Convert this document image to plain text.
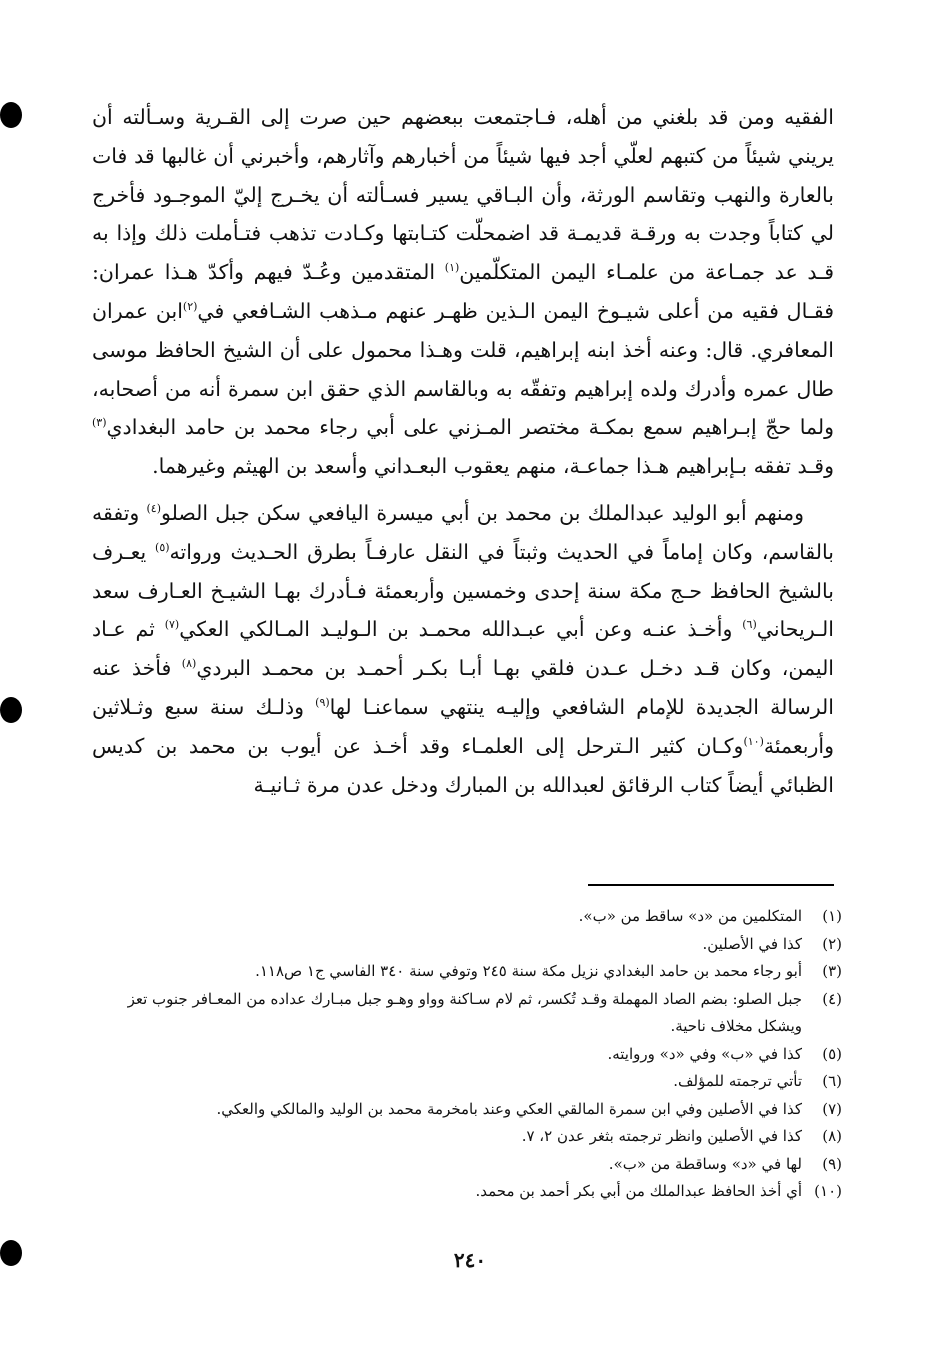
الفقيه ومن قد بلغني من أهله، فـاجتمعت ببعضهم حين صرت إلى القـرية وسـألته أن يريني شيئاً من كتبهم لعلّي أجد فيها شيئاً من أخبارهم وآثارهم، وأخبرني أن غالبها قد فات بالعارة والنهب وتقاسم الورثة، وأن البـاقي يسير فسـألته أن يخـرج إليّ الموجـود فأخرج لي كتاباً وجدت به ورقـة قديمـة قد اضمحلّت كتـابتها وكـادت تذهب فتـأملت ذلك وإذا به قـد عد جمـاعة من علمـاء اليمن المتكلّمين$^{(١)}$ المتقدمين وعُـدّ فيهم وأكدّ هـذا عمران: فقـال فقيه من أعلى شيـوخ اليمن الـذين ظهـر عنهم مـذهب الشـافعي في$^{(٢)}$ابن عمران المعافري. قال: وعنه أخذ ابنه إبراهيم، قلت وهـذا محمول على أن الشيخ الحافظ موسى طال عمره وأدرك ولده إبراهيم وتفقّه به وبالقاسم الذي حقق ابن سمرة أنه من أصحابه، ولما حجّ إبـراهيم سمع بمكـة مختصر المـزني على أبي رجاء محمد بن حامد البغدادي$^{(٣)}$ وقـد تفقه بـإبراهيم هـذا جماعـة، منهم يعقوب البعـداني وأسعد بن الهيثم وغيرهما.

ومنهم أبو الوليد عبدالملك بن محمد بن أبي ميسرة اليافعي سكن جبل الصلو$^{(٤)}$ وتفقه بالقاسم، وكان إماماً في الحديث وثبتاً في النقل عارفـاً بطرق الحـديث ورواته$^{(٥)}$ يعـرف بالشيخ الحافظ حـج مكة سنة إحدى وخمسين وأربعمئة فـأدرك بهـا الشيـخ العـارف سعد الـريحاني$^{(٦)}$ وأخـذ عنـه وعن أبي عبـدالله محمـد بن الـوليـد المـالكي العكي$^{(٧)}$ ثم عـاد اليمن، وكان قـد دخـل عـدن فلقي بهـا أبـا بكـر أحمـد بن محمـد البردي$^{(٨)}$ فأخذ عنه الرسالة الجديدة للإمام الشافعي وإليـه ينتهي سماعنـا لها$^{(٩)}$ وذلـك سنة سبع وثـلاثين وأربعمئة$^{(١٠)}$وكـان كثير الـترحل إلى العلمـاء وقد أخـذ عن أيوب بن محمد بن كديس الظبائي أيضاً كتاب الرقائق لعبدالله بن المبارك ودخل عدن مرة ثـانيـة

(١)
المتكلمين من «د» ساقط من «ب».
(٢)
كذا في الأصلين.
(٣)
أبو رجاء محمد بن حامد البغدادي نزيل مكة سنة ٢٤٥ وتوفي سنة ٣٤٠ الفاسي ج١ ص١١٨.
(٤)
جبل الصلو: بضم الصاد المهملة وقـد تُكسر، ثم لام سـاكنة وواو وهـو جبل مبـارك عداده من المعـافر جنوب تعز ويشكل مخلاف ناحية.
(٥)
كذا في «ب» وفي «د» وروايته.
(٦)
تأتي ترجمته للمؤلف.
(٧)
كذا في الأصلين وفي ابن سمرة المالقي العكي وعند بامخرمة محمد بن الوليد والمالكي والعكي.
(٨)
كذا في الأصلين وانظر ترجمته بثغر عدن ٢، ٧.
(٩)
لها في «د» وساقطة من «ب».
(١٠)
أي أخذ الحافظ عبدالملك من أبي بكر أحمد بن محمد.
٢٤٠
